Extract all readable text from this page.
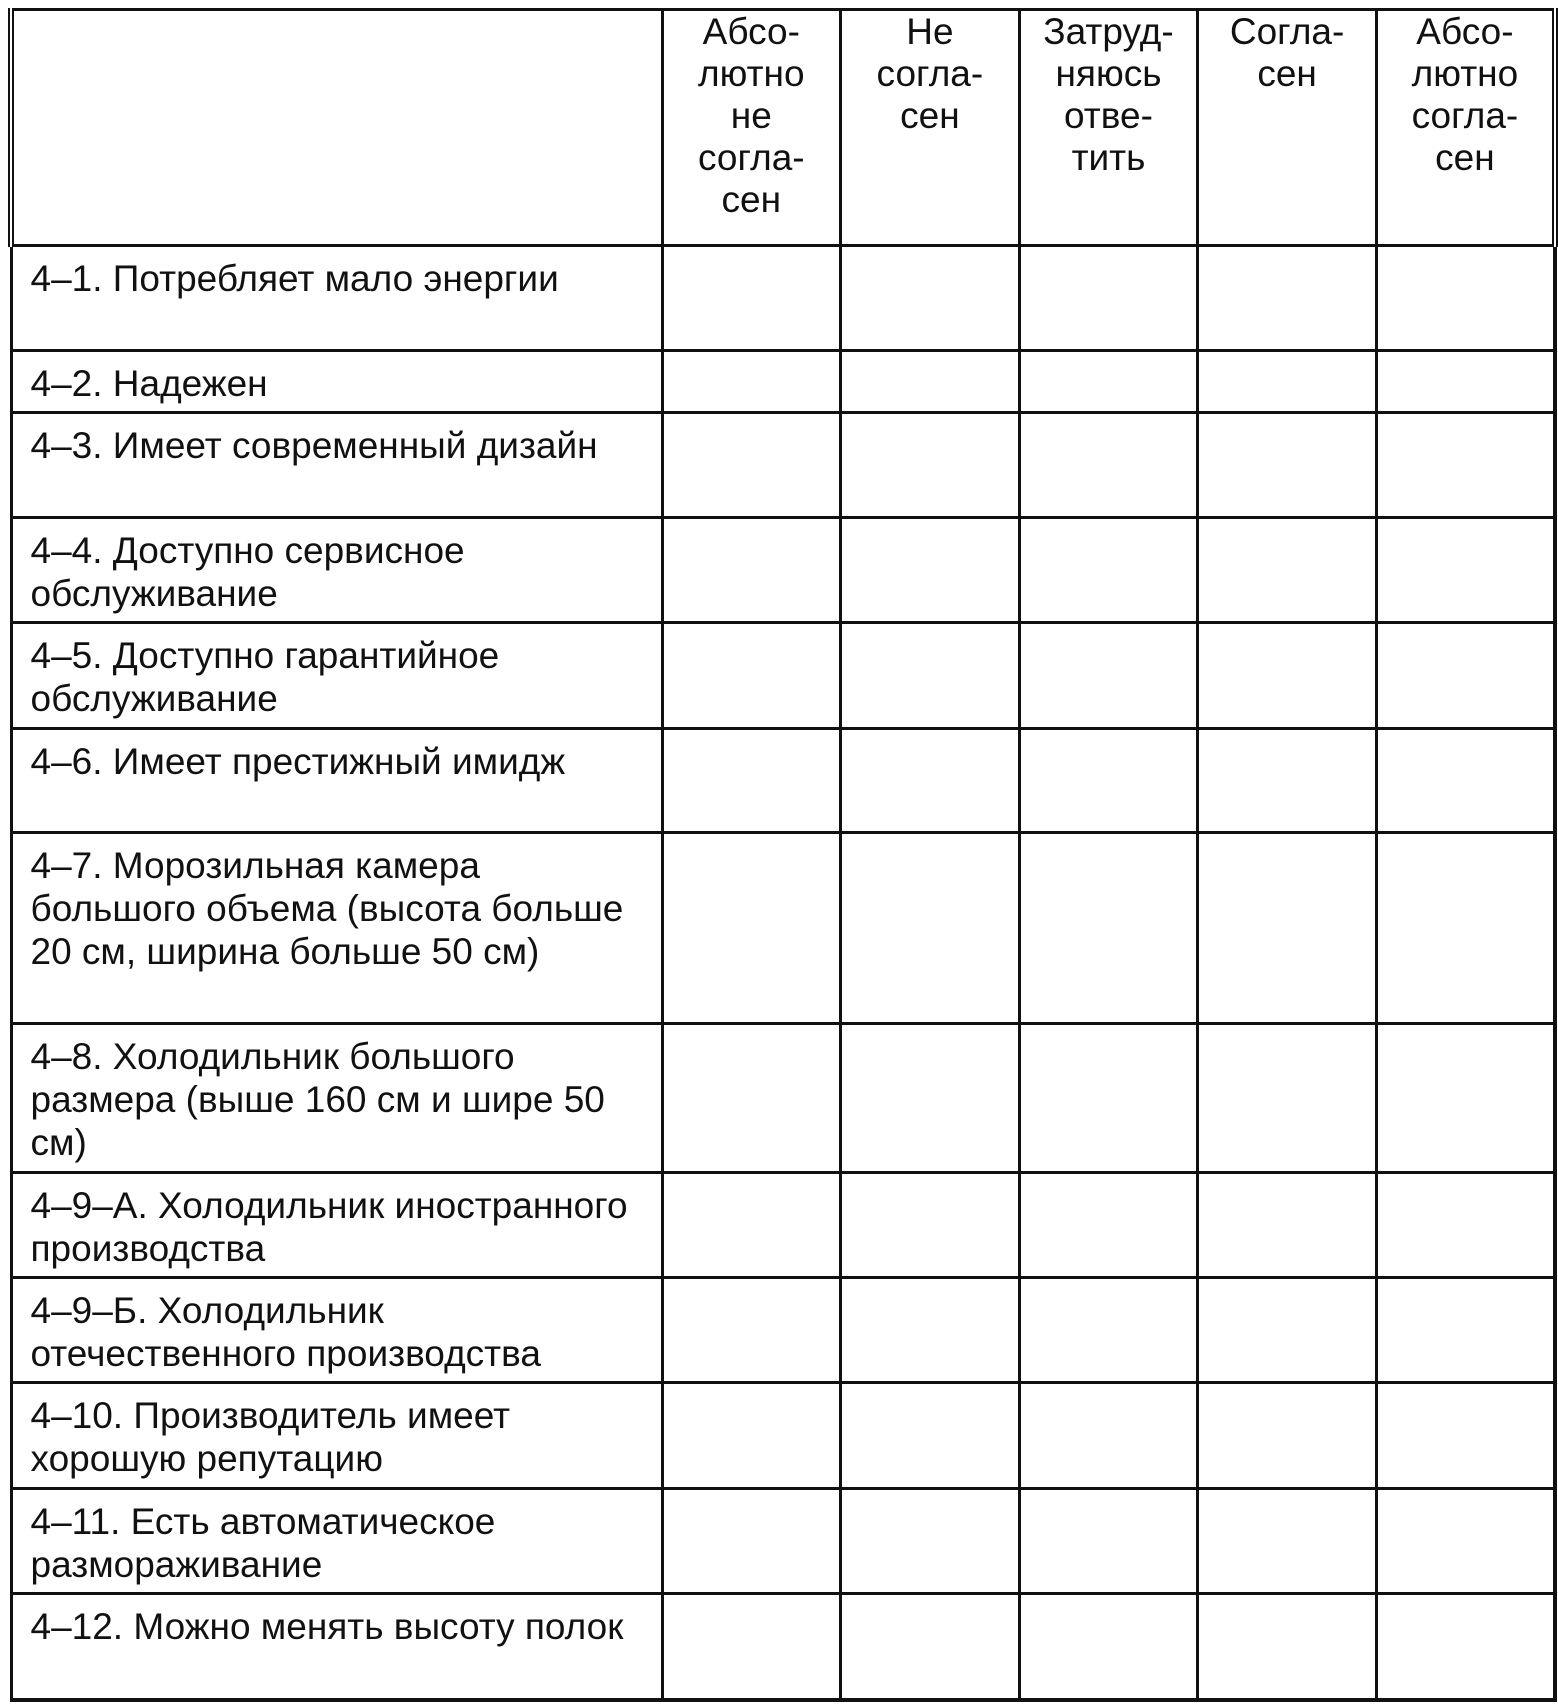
	Абсо-
лютно
не
согла-
сен	Не
согла-
сен	Затруд-
няюсь
отве-
тить	Согла-
сен	Абсо-
лютно
согла-
сен

4–1. Потребляет мало энергии					
4–2. Надежен					
4–3. Имеет современный дизайн					
4–4. Доступно сервисное обслуживание					
4–5. Доступно гарантийное обслуживание					
4–6. Имеет престижный имидж					
4–7. Морозильная камера большого объема (высота больше 20 см, ширина больше 50 см)					
4–8. Холодильник большого размера (выше 160 см и шире 50 см)					
4–9–А. Холодильник иностранного производства					
4–9–Б. Холодильник отечественного производства					
4–10. Производитель имеет хорошую репутацию					
4–11. Есть автоматическое размораживание					
4–12. Можно менять высоту полок					
